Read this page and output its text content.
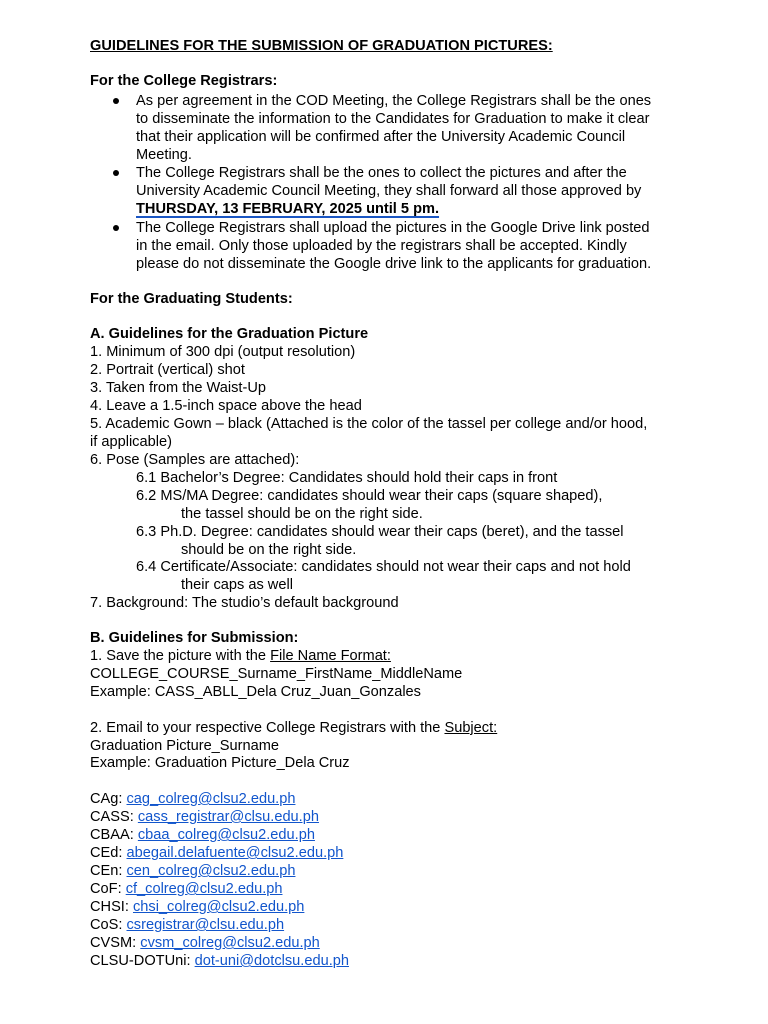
GUIDELINES FOR THE SUBMISSION OF GRADUATION PICTURES:
For the College Registrars:
As per agreement in the COD Meeting, the College Registrars shall be the ones
to disseminate the information to the Candidates for Graduation to make it clear
that their application will be confirmed after the University Academic Council
Meeting.
The College Registrars shall be the ones to collect the pictures and after the
University Academic Council Meeting, they shall forward all those approved by
THURSDAY, 13 FEBRUARY, 2025 until 5 pm.
The College Registrars shall upload the pictures in the Google Drive link posted
in the email. Only those uploaded by the registrars shall be accepted. Kindly
please do not disseminate the Google drive link to the applicants for graduation.
For the Graduating Students:
A. Guidelines for the Graduation Picture
1. Minimum of 300 dpi (output resolution)
2. Portrait (vertical) shot
3. Taken from the Waist-Up
4. Leave a 1.5-inch space above the head
5. Academic Gown – black (Attached is the color of the tassel per college and/or hood,
if applicable)
6. Pose (Samples are attached):
6.1 Bachelor’s Degree: Candidates should hold their caps in front
6.2 MS/MA Degree: candidates should wear their caps (square shaped),
the tassel should be on the right side.
6.3 Ph.D. Degree: candidates should wear their caps (beret), and the tassel
should be on the right side.
6.4 Certificate/Associate: candidates should not wear their caps and not hold
their caps as well
7. Background: The studio’s default background
B. Guidelines for Submission:
1. Save the picture with the File Name Format:
COLLEGE_COURSE_Surname_FirstName_MiddleName
Example: CASS_ABLL_Dela Cruz_Juan_Gonzales
2. Email to your respective College Registrars with the Subject:
Graduation Picture_Surname
Example: Graduation Picture_Dela Cruz
CAg: cag_colreg@clsu2.edu.ph
CASS: cass_registrar@clsu.edu.ph
CBAA: cbaa_colreg@clsu2.edu.ph
CEd: abegail.delafuente@clsu2.edu.ph
CEn: cen_colreg@clsu2.edu.ph
CoF: cf_colreg@clsu2.edu.ph
CHSI: chsi_colreg@clsu2.edu.ph
CoS: csregistrar@clsu.edu.ph
CVSM: cvsm_colreg@clsu2.edu.ph
CLSU-DOTUni: dot-uni@dotclsu.edu.ph
